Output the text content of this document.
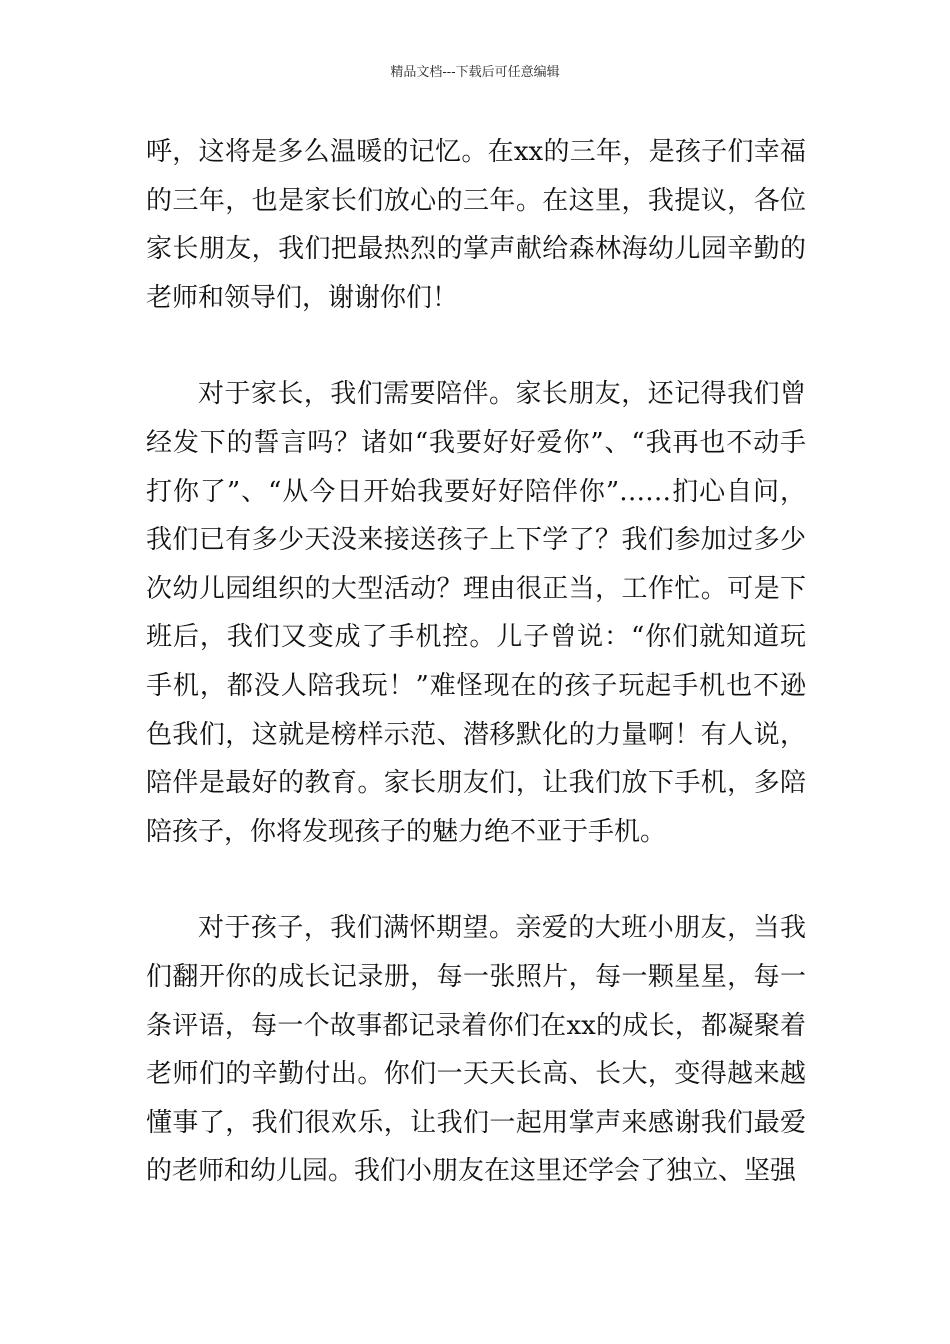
精品文档---下载后可任意编辑

呼，这将是多么温暖的记忆。在xx的三年，是孩子们幸福的三年，也是家长们放心的三年。在这里，我提议，各位家长朋友，我们把最热烈的掌声献给森林海幼儿园辛勤的老师和领导们，谢谢你们！

对于家长，我们需要陪伴。家长朋友，还记得我们曾经发下的誓言吗？诸如“我要好好爱你”、“我再也不动手打你了”、“从今日开始我要好好陪伴你”……扪心自问，我们已有多少天没来接送孩子上下学了？我们参加过多少次幼儿园组织的大型活动？理由很正当，工作忙。可是下班后，我们又变成了手机控。儿子曾说：“你们就知道玩手机，都没人陪我玩！”难怪现在的孩子玩起手机也不逊色我们，这就是榜样示范、潜移默化的力量啊！有人说，陪伴是最好的教育。家长朋友们，让我们放下手机，多陪陪孩子，你将发现孩子的魅力绝不亚于手机。

对于孩子，我们满怀期望。亲爱的大班小朋友，当我们翻开你的成长记录册，每一张照片，每一颗星星，每一条评语，每一个故事都记录着你们在xx的成长，都凝聚着老师们的辛勤付出。你们一天天长高、长大，变得越来越懂事了，我们很欢乐，让我们一起用掌声来感谢我们最爱的老师和幼儿园。我们小朋友在这里还学会了独立、坚强
